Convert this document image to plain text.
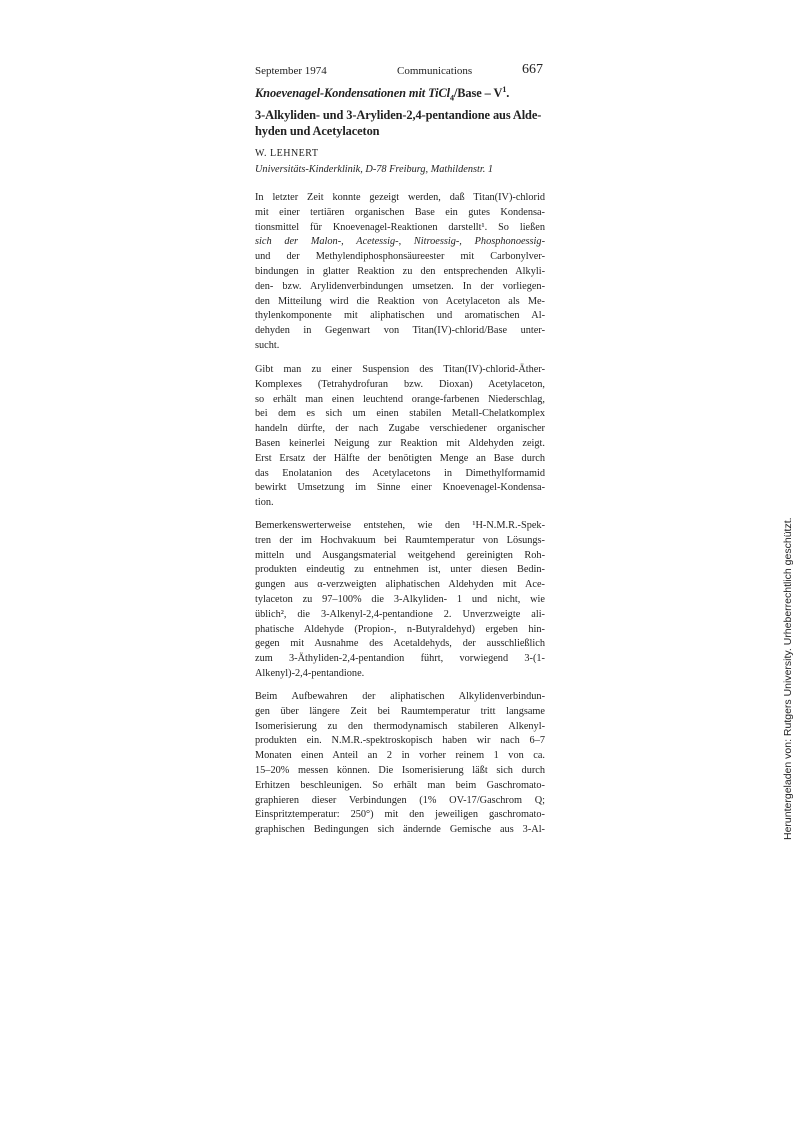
September 1974	Communications	667
Knoevenagel-Kondensationen mit TiCl$_4$/Base – $V^1$.
3-Alkyliden- und 3-Aryliden-2,4-pentandione aus Alde-
hyden und Acetylaceton
W. LEHNERT
Universitäts-Kinderklinik, D-78 Freiburg, Mathildenstr. 1
In letzter Zeit konnte gezeigt werden, daß Titan(IV)-chlorid
mit einer tertiären organischen Base ein gutes Kondensa-
tionsmittel für Knoevenagel-Reaktionen darstellt¹. So ließen
sich der Malon-, Acetessig-, Nitroessig-, Phosphonoessig-
und der Methylendiphosphonsäureester mit Carbonylver-
bindungen in glatter Reaktion zu den entsprechenden Alkyli-
den- bzw. Arylidenverbindungen umsetzen. In der vorliegen-
den Mitteilung wird die Reaktion von Acetylaceton als Me-
thylenkomponente mit aliphatischen und aromatischen Al-
dehyden in Gegenwart von Titan(IV)-chlorid/Base unter-
sucht.
Gibt man zu einer Suspension des Titan(IV)-chlorid-Äther-
Komplexes (Tetrahydrofuran bzw. Dioxan) Acetylaceton,
so erhält man einen leuchtend orange-farbenen Niederschlag,
bei dem es sich um einen stabilen Metall-Chelatkomplex
handeln dürfte, der nach Zugabe verschiedener organischer
Basen keinerlei Neigung zur Reaktion mit Aldehyden zeigt.
Erst Ersatz der Hälfte der benötigten Menge an Base durch
das Enolatanion des Acetylacetons in Dimethylformamid
bewirkt Umsetzung im Sinne einer Knoevenagel-Kondensa-
tion.
Bemerkenswerterweise entstehen, wie den ¹H-N.M.R.-Spek-
tren der im Hochvakuum bei Raumtemperatur von Lösungs-
mitteln und Ausgangsmaterial weitgehend gereinigten Roh-
produkten eindeutig zu entnehmen ist, unter diesen Bedin-
gungen aus α-verzweigten aliphatischen Aldehyden mit Ace-
tylaceton zu 97–100% die 3-Alkyliden- 1 und nicht, wie
üblich², die 3-Alkenyl-2,4-pentandione 2. Unverzweigte ali-
phatische Aldehyde (Propion-, n-Butyraldehyd) ergeben hin-
gegen mit Ausnahme des Acetaldehyds, der ausschließlich
zum 3-Äthyliden-2,4-pentandion führt, vorwiegend 3-(1-
Alkenyl)-2,4-pentandione.
Beim Aufbewahren der aliphatischen Alkylidenverbindun-
gen über längere Zeit bei Raumtemperatur tritt langsame
Isomerisierung zu den thermodynamisch stabileren Alkenyl-
produkten ein. N.M.R.-spektroskopisch haben wir nach 6–7
Monaten einen Anteil an 2 in vorher reinem 1 von ca.
15–20% messen können. Die Isomerisierung läßt sich durch
Erhitzen beschleunigen. So erhält man beim Gaschromato-
graphieren dieser Verbindungen (1% OV-17/Gaschrom Q;
Einspritztemperatur: 250°) mit den jeweiligen gaschromato-
graphischen Bedingungen sich ändernde Gemische aus 3-Al-	Heruntergeladen von: Rutgers University. Urheberrechtlich geschützt.
